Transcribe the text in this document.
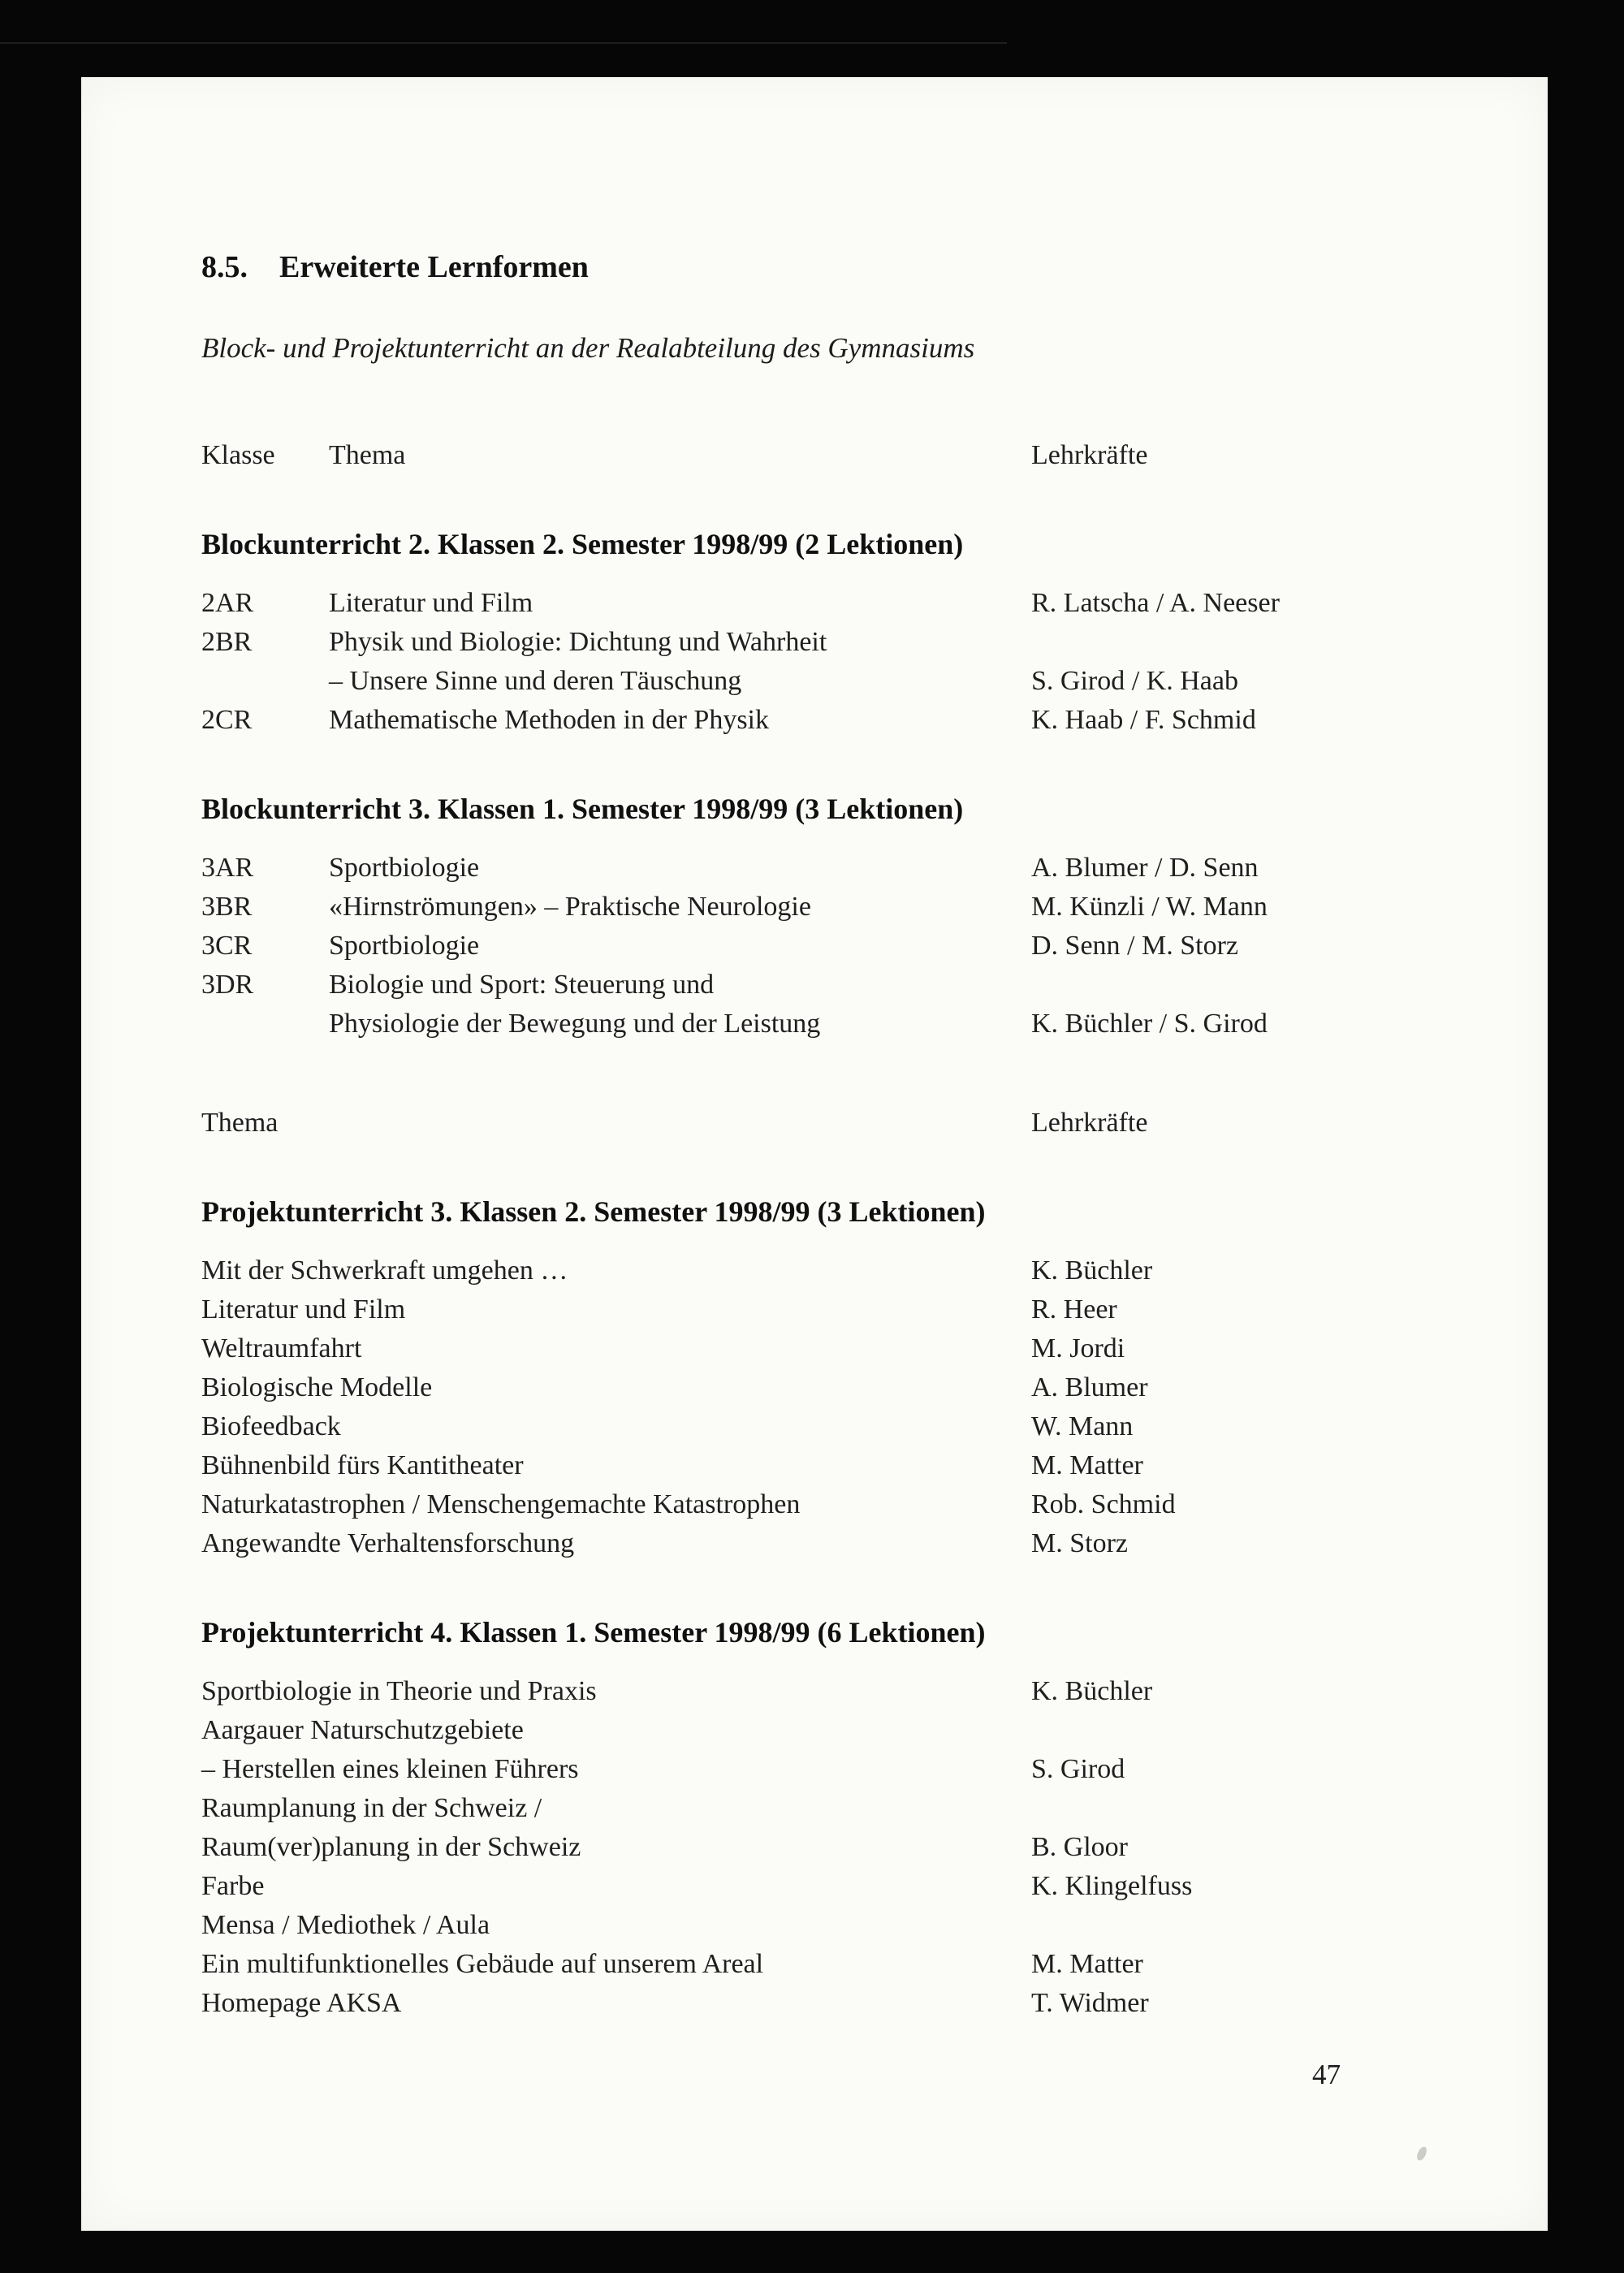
8.5. Erweiterte Lernformen
Block- und Projektunterricht an der Realabteilung des Gymnasiums
Klasse Thema	Lehrkräfte
Blockunterricht 2. Klassen 2. Semester 1998/99 (2 Lektionen)
2AR	Literatur und Film	R. Latscha / A. Neeser
2BR	Physik und Biologie: Dichtung und Wahrheit
– Unsere Sinne und deren Täuschung	S. Girod / K. Haab
2CR	Mathematische Methoden in der Physik	K. Haab / F. Schmid
Blockunterricht 3. Klassen 1. Semester 1998/99 (3 Lektionen)
3AR	Sportbiologie	A. Blumer / D. Senn
3BR	«Hirnströmungen» – Praktische Neurologie	M. Künzli / W. Mann
3CR	Sportbiologie	D. Senn / M. Storz
3DR	Biologie und Sport: Steuerung und
Physiologie der Bewegung und der Leistung	K. Büchler / S. Girod
Thema	Lehrkräfte
Projektunterricht 3. Klassen 2. Semester 1998/99 (3 Lektionen)
Mit der Schwerkraft umgehen …	K. Büchler
Literatur und Film	R. Heer
Weltraumfahrt	M. Jordi
Biologische Modelle	A. Blumer
Biofeedback	W. Mann
Bühnenbild fürs Kantitheater	M. Matter
Naturkatastrophen / Menschengemachte Katastrophen	Rob. Schmid
Angewandte Verhaltensforschung	M. Storz
Projektunterricht 4. Klassen 1. Semester 1998/99 (6 Lektionen)
Sportbiologie in Theorie und Praxis	K. Büchler
Aargauer Naturschutzgebiete
– Herstellen eines kleinen Führers	S. Girod
Raumplanung in der Schweiz /
Raum(ver)planung in der Schweiz	B. Gloor
Farbe	K. Klingelfuss
Mensa / Mediothek / Aula
Ein multifunktionelles Gebäude auf unserem Areal	M. Matter
Homepage AKSA	T. Widmer
47
